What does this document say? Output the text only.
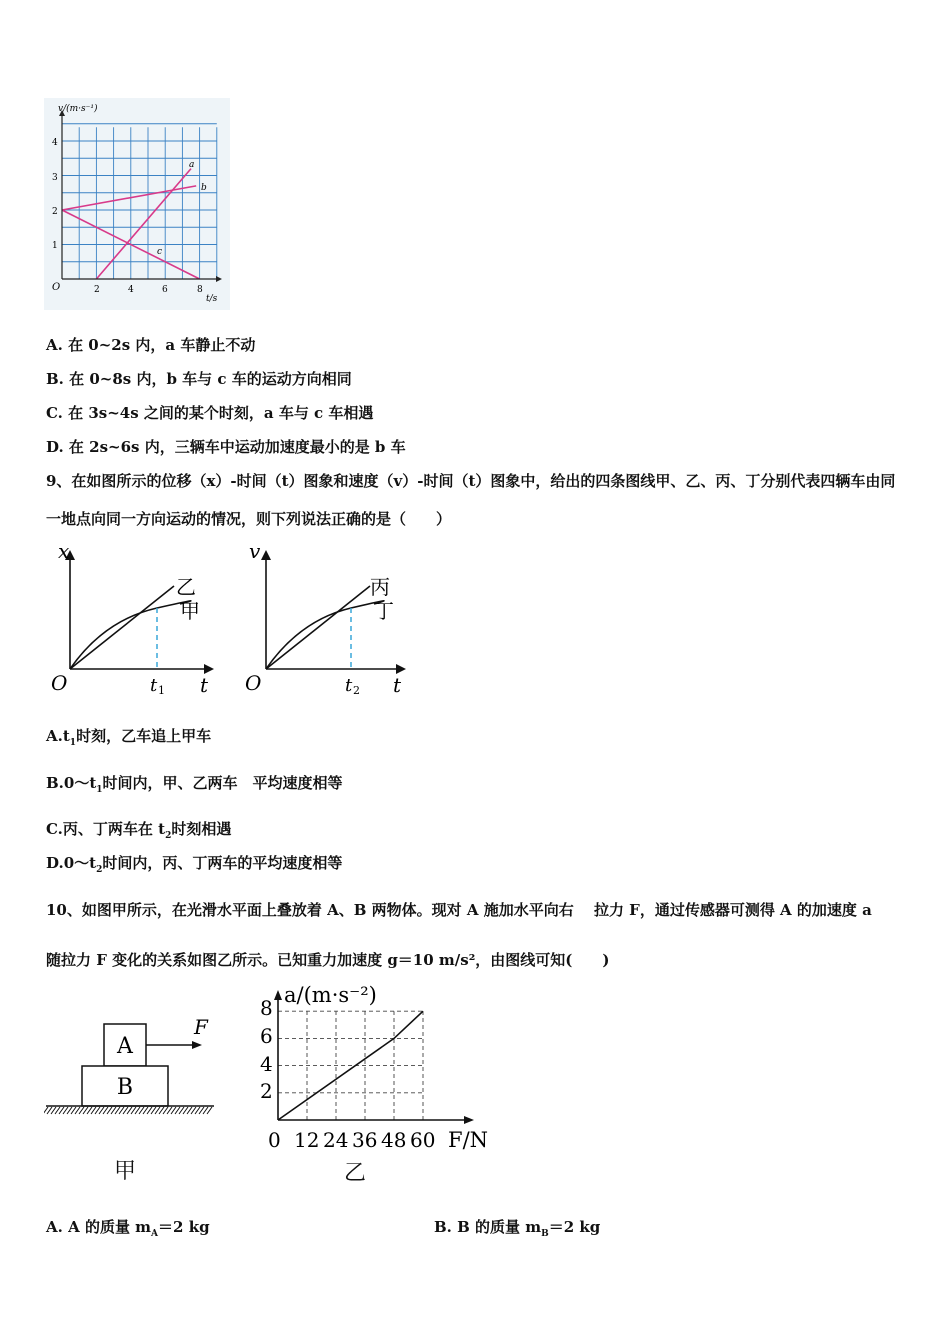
v/(m·s⁻¹)
t/s
O
1
2
3
4
2	4	6	8
a
b
c
A. 在 0~2s 内，a 车静止不动
B. 在 0~8s 内，b 车与 c 车的运动方向相同
C. 在 3s~4s 之间的某个时刻，a 车与 c 车相遇
D. 在 2s~6s 内，三辆车中运动加速度最小的是 b 车
9、在如图所示的位移（x）-时间（t）图象和速度（v）-时间（t）图象中，给出的四条图线甲、乙、丙、丁分别代表四辆车由同
一地点向同一方向运动的情况，则下列说法正确的是（　　）
x
O	t
t 1
乙
甲
v
O	t
t 2
丙
丁
$A.t_1$时刻，乙车追上甲车
$B.0\sim t_1$时间内，甲、乙两车　平均速度相等
C.丙、丁两车在 $t_2$时刻相遇
$D.0\sim t_2$时间内，丙、丁两车的平均速度相等
10、如图甲所示，在光滑水平面上叠放着 A、B 两物体。现对 A 施加水平向右　 拉力 F，通过传感器可测得 A 的加速度 a
随拉力 F 变化的关系如图乙所示。已知重力加速度 g＝10 m/s²，由图线可知(　　)
A
B
F
甲
a/(m·s⁻²)
F/N
2
4
6
8
0 12 24 36 48 60
乙
A. A 的质量 $m_A=2$ kg	B. B 的质量 $m_B=2$ kg
